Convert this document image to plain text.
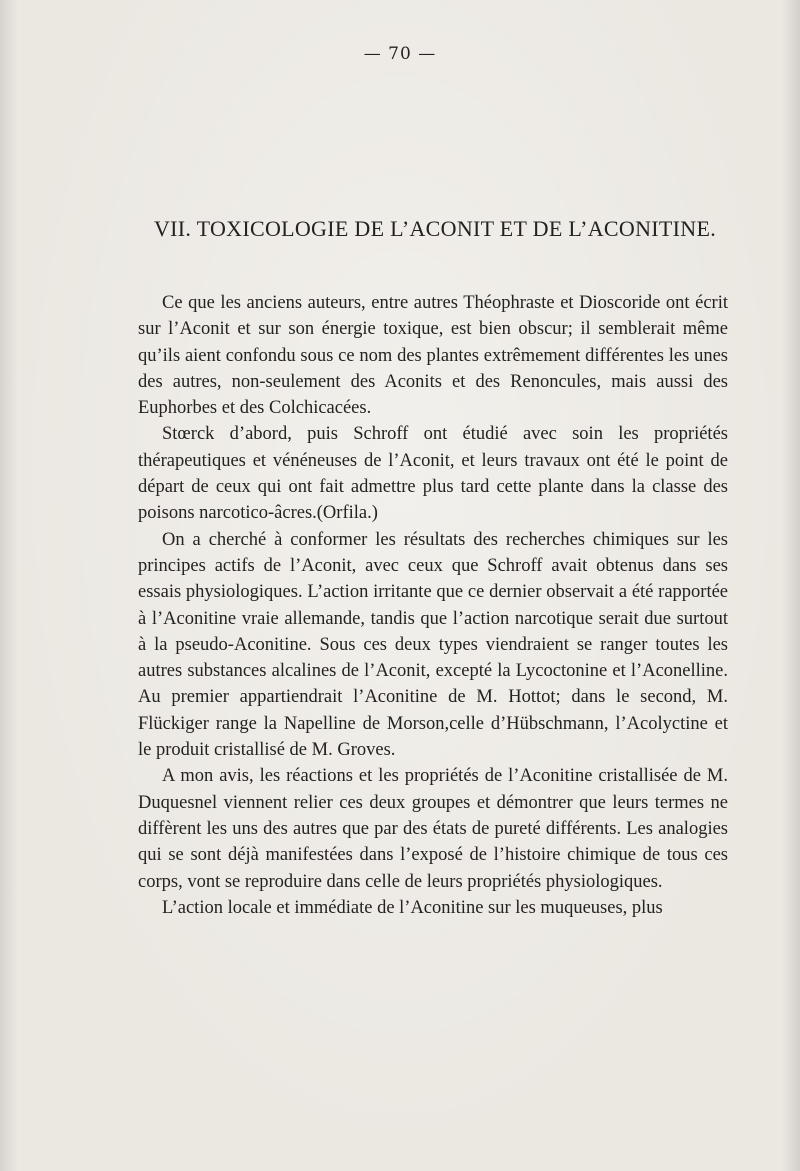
— 70 —
VII. TOXICOLOGIE DE L’ACONIT ET DE L’ACONITINE.

Ce que les anciens auteurs, entre autres Théophraste et Dioscoride ont écrit sur l’Aconit et sur son énergie toxique, est bien obscur; il semblerait même qu’ils aient confondu sous ce nom des plantes extrêmement différentes les unes des autres, non-seulement des Aconits et des Renoncules, mais aussi des Euphorbes et des Colchicacées.

Stœrck d’abord, puis Schroff ont étudié avec soin les propriétés thérapeutiques et vénéneuses de l’Aconit, et leurs travaux ont été le point de départ de ceux qui ont fait admettre plus tard cette plante dans la classe des poisons narcotico-âcres.(Orfila.)

On a cherché à conformer les résultats des recherches chimiques sur les principes actifs de l’Aconit, avec ceux que Schroff avait obtenus dans ses essais physiologiques. L’action irritante que ce dernier observait a été rapportée à l’Aconitine vraie allemande, tandis que l’action narcotique serait due surtout à la pseudo-Aconitine. Sous ces deux types viendraient se ranger toutes les autres substances alcalines de l’Aconit, excepté la Lycoctonine et l’Aconelline. Au premier appartiendrait l’Aconitine de M. Hottot; dans le second, M. Flückiger range la Napelline de Morson,celle d’Hübschmann, l’Acolyctine et le produit cristallisé de M. Groves.

A mon avis, les réactions et les propriétés de l’Aconitine cristallisée de M. Duquesnel viennent relier ces deux groupes et démontrer que leurs termes ne diffèrent les uns des autres que par des états de pureté différents. Les analogies qui se sont déjà manifestées dans l’exposé de l’histoire chimique de tous ces corps, vont se reproduire dans celle de leurs propriétés physiologiques.

L’action locale et immédiate de l’Aconitine sur les muqueuses, plus
